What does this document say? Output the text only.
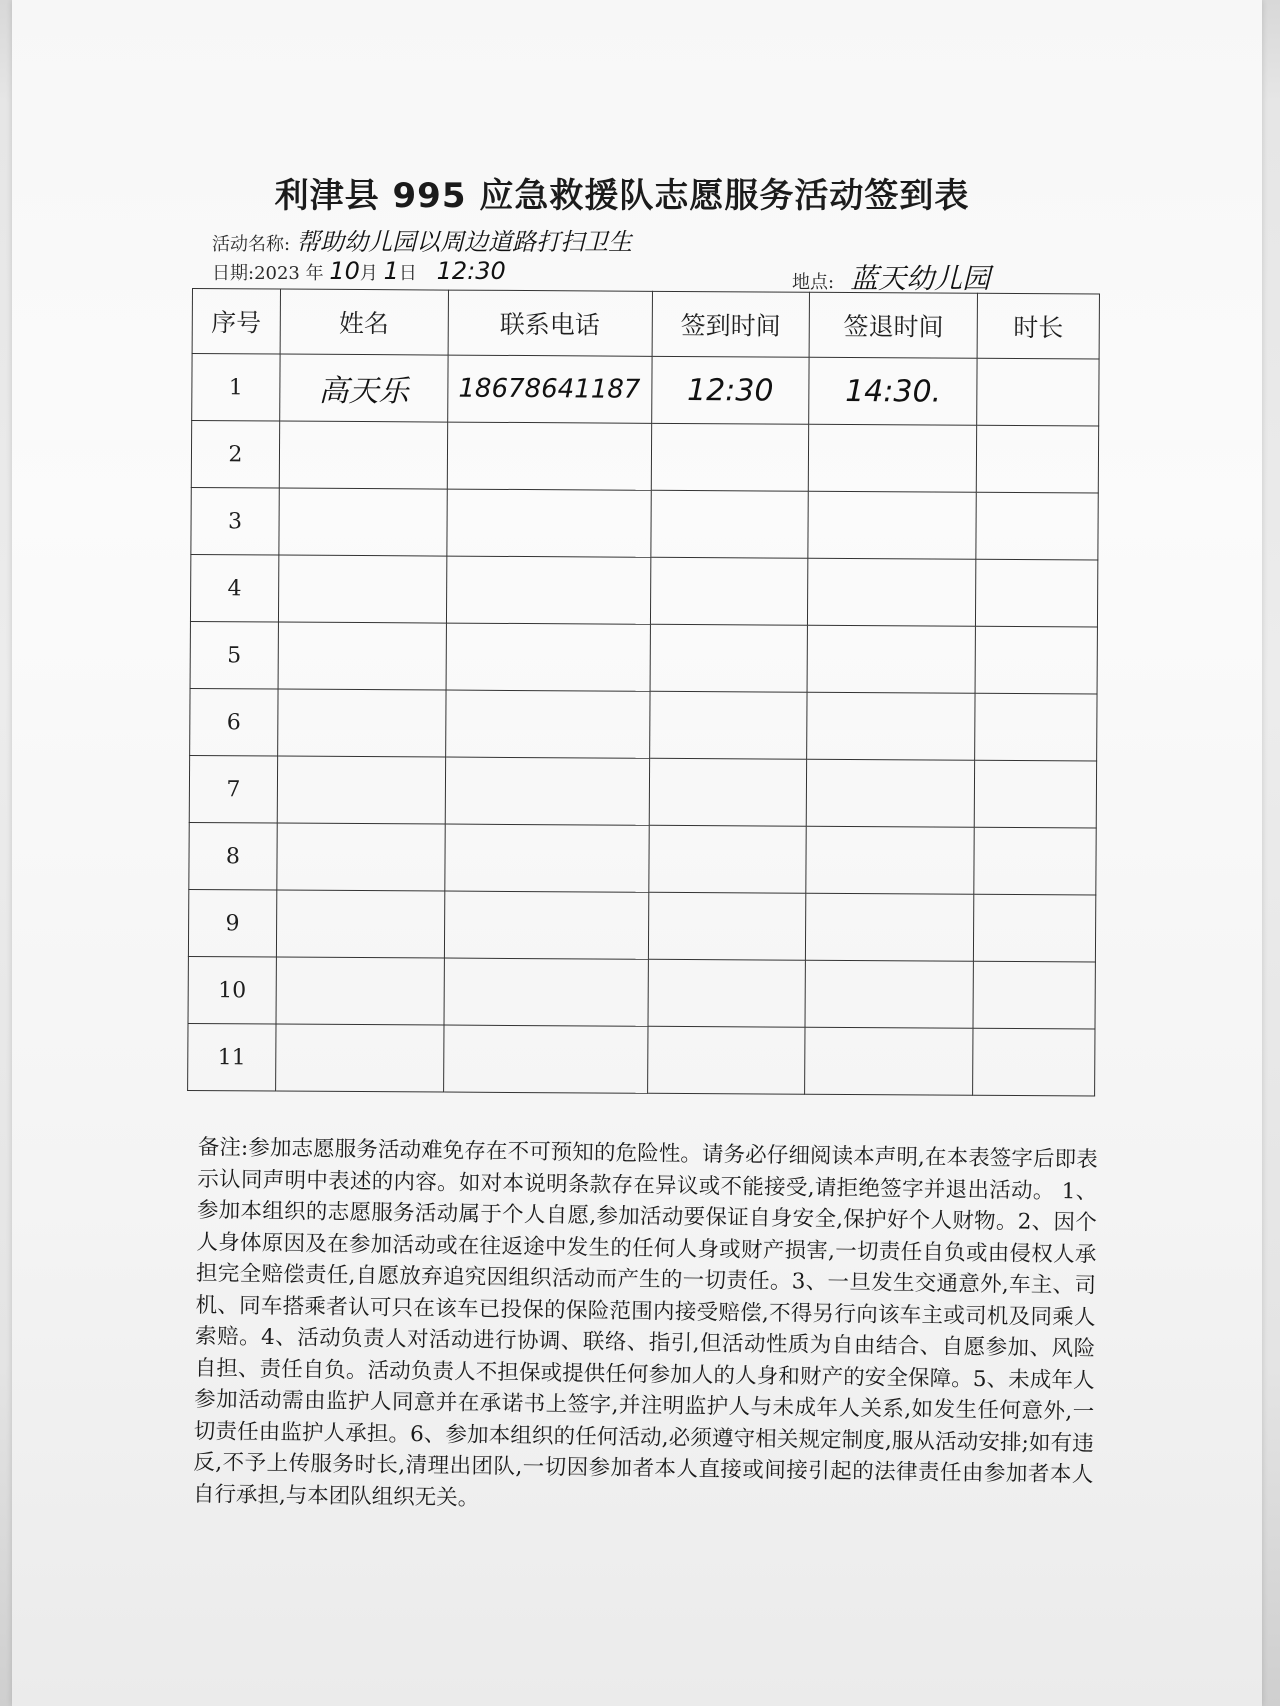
利津县 995 应急救援队志愿服务活动签到表
活动名称: 帮助幼儿园以周边道路打扫卫生
日期:2023 年 10月 1日 12:30	地点: 蓝天幼儿园
序号	姓名	联系电话	签到时间	签退时间	时长
1	高天乐	18678641187	12:30	14:30.	
2					
3					
4					
5					
6					
7					
8					
9					
10					
11					
备注:参加志愿服务活动难免存在不可预知的危险性。请务必仔细阅读本声明,在本表签字后即表示认同声明中表述的内容。如对本说明条款存在异议或不能接受,请拒绝签字并退出活动。 1、参加本组织的志愿服务活动属于个人自愿,参加活动要保证自身安全,保护好个人财物。2、因个人身体原因及在参加活动或在往返途中发生的任何人身或财产损害,一切责任自负或由侵权人承担完全赔偿责任,自愿放弃追究因组织活动而产生的一切责任。3、一旦发生交通意外,车主、司机、同车搭乘者认可只在该车已投保的保险范围内接受赔偿,不得另行向该车主或司机及同乘人索赔。4、活动负责人对活动进行协调、联络、指引,但活动性质为自由结合、自愿参加、风险自担、责任自负。活动负责人不担保或提供任何参加人的人身和财产的安全保障。5、未成年人参加活动需由监护人同意并在承诺书上签字,并注明监护人与未成年人关系,如发生任何意外,一切责任由监护人承担。6、参加本组织的任何活动,必须遵守相关规定制度,服从活动安排;如有违反,不予上传服务时长,清理出团队,一切因参加者本人直接或间接引起的法律责任由参加者本人自行承担,与本团队组织无关。
